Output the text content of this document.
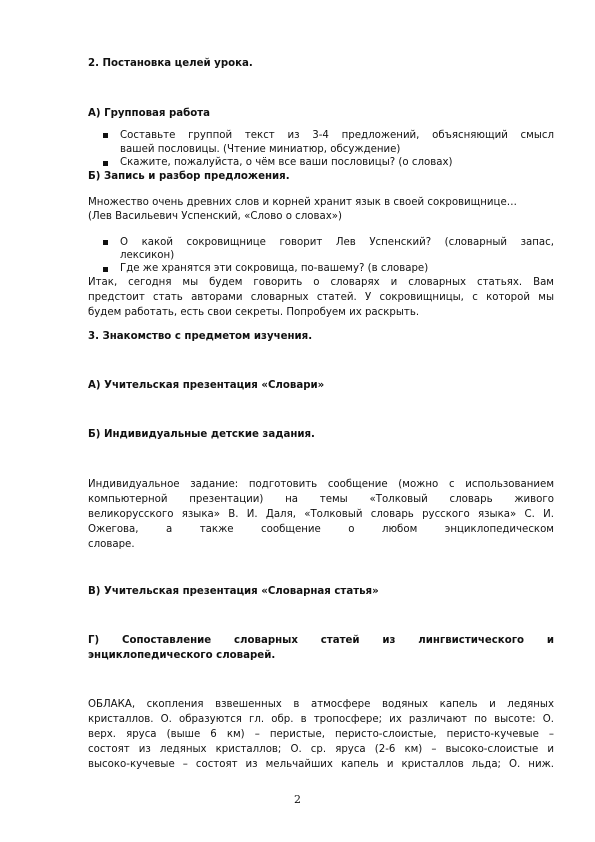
2. Постановка целей урока.
А) Групповая работа
Составьте группой текст из 3-4 предложений, объясняющий смысл
вашей пословицы. (Чтение миниатюр, обсуждение)
Скажите, пожалуйста, о чём все ваши пословицы? (о словах)
Б) Запись и разбор предложения.
Множество очень древних слов и корней хранит язык в своей сокровищнице…
(Лев Васильевич Успенский, «Слово о словах»)
О какой сокровищнице говорит Лев Успенский? (словарный запас,
лексикон)
Где же хранятся эти сокровища, по-вашему? (в словаре)
Итак, сегодня мы будем говорить о словарях и словарных статьях. Вам
предстоит стать авторами словарных статей. У сокровищницы, с которой мы
будем работать, есть свои секреты. Попробуем их раскрыть.
3. Знакомство с предметом изучения.
А) Учительская презентация «Словари»
Б) Индивидуальные детские задания.
Индивидуальное задание: подготовить сообщение (можно с использованием
компьютерной презентации) на темы «Толковый словарь живого
великорусского языка» В. И. Даля, «Толковый словарь русского языка» С. И.
Ожегова, а также сообщение о любом энциклопедическом
словаре.
В) Учительская презентация «Словарная статья»
Г) Сопоставление словарных статей из лингвистического и
энциклопедического словарей.
ОБЛАКА, скопления взвешенных в атмосфере водяных капель и ледяных
кристаллов. О. образуются гл. обр. в тропосфере; их различают по высоте: О.
верх. яруса (выше 6 км) – перистые, перисто-слоистые, перисто-кучевые –
состоят из ледяных кристаллов; О. ср. яруса (2-6 км) – высоко-слоистые и
высоко-кучевые – состоят из мельчайших капель и кристаллов льда; О. ниж.
2
